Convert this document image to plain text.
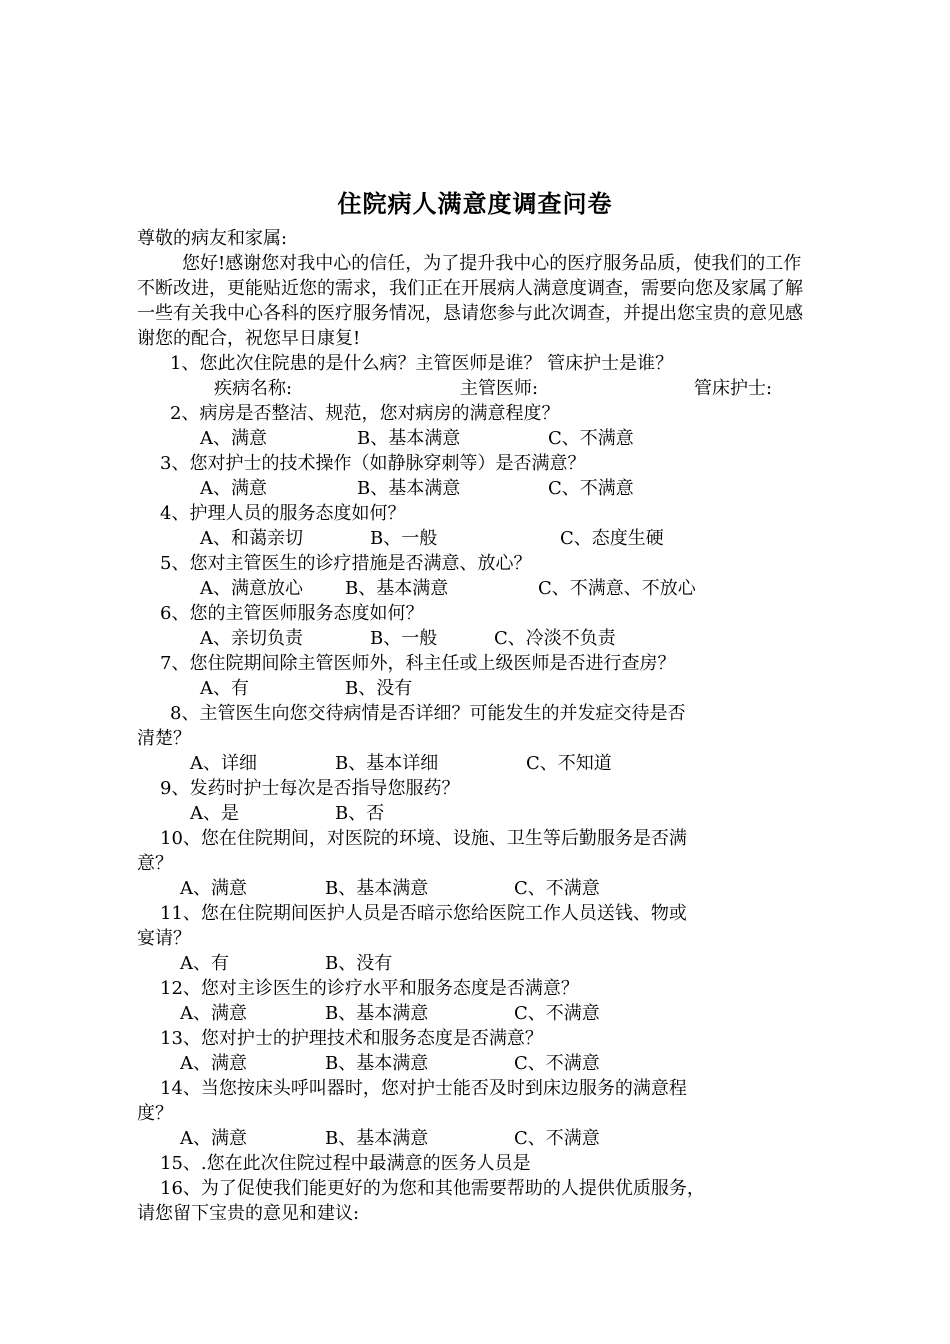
住院病人满意度调查问卷
尊敬的病友和家属:
您好!感谢您对我中心的信任，为了提升我中心的医疗服务品质，使我们的工作不断改进，更能贴近您的需求，我们正在开展病人满意度调查，需要向您及家属了解一些有关我中心各科的医疗服务情况，恳请您参与此次调查，并提出您宝贵的意见感谢您的配合，祝您早日康复!
1、您此次住院患的是什么病？主管医师是谁？ 管床护士是谁？
疾病名称:	主管医师:	管床护士:
2、病房是否整洁、规范，您对病房的满意程度？
A、满意	B、基本满意	C、不满意
3、您对护士的技术操作（如静脉穿刺等）是否满意？
A、满意	B、基本满意	C、不满意
4、护理人员的服务态度如何？
A、和蔼亲切	B、一般	C、态度生硬
5、您对主管医生的诊疗措施是否满意、放心？
A、满意放心	B、基本满意	C、不满意、不放心
6、您的主管医师服务态度如何？
A、亲切负责	B、一般	C、冷淡不负责
7、您住院期间除主管医师外，科主任或上级医师是否进行查房？
A、有	B、没有
8、主管医生向您交待病情是否详细？可能发生的并发症交待是否
清楚？
A、详细	B、基本详细	C、不知道
9、发药时护士每次是否指导您服药？
A、是	B、否
10、您在住院期间，对医院的环境、设施、卫生等后勤服务是否满
意？
A、满意	B、基本满意	C、不满意
11、您在住院期间医护人员是否暗示您给医院工作人员送钱、物或
宴请？
A、有	B、没有
12、您对主诊医生的诊疗水平和服务态度是否满意？
A、满意	B、基本满意	C、不满意
13、您对护士的护理技术和服务态度是否满意？
A、满意	B、基本满意	C、不满意
14、当您按床头呼叫器时，您对护士能否及时到床边服务的满意程
度？
A、满意	B、基本满意	C、不满意
15、.您在此次住院过程中最满意的医务人员是
16、为了促使我们能更好的为您和其他需要帮助的人提供优质服务，
请您留下宝贵的意见和建议:
